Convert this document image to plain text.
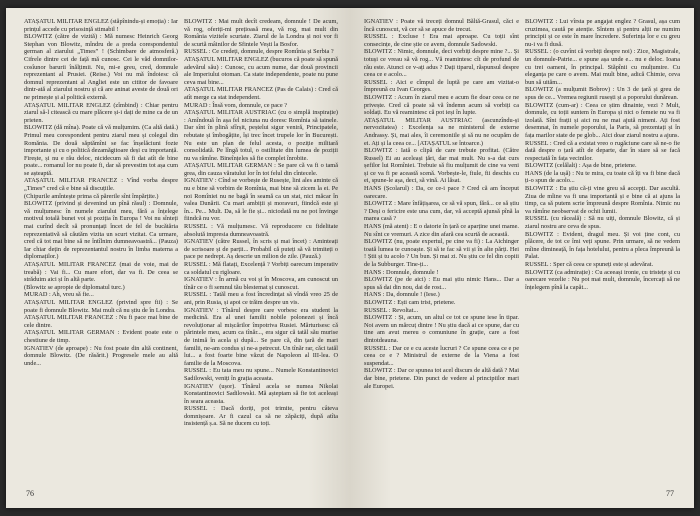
ATAȘATUL MILITAR ENGLEZ (stăpînindu-și emoția) : Iar prințul accede cu prisosință stimabil !

BLOWITZ (către de vizită) : Mă numesc Heinrich Georg Stephan von Blowitz, mîndru de a preda corespondentul german al ziarului „Times” ! (Schimbare de atmosferă.) Cifrele dintre cei de față mă cunosc. Cei le văd domnilor-cosîunor barurii înălțimii. Nu, mi-e greu, cred, domnule reprezentant al Prusiei. (Reise.) Voi nu mă îndoiesc că domnul reprezentant al Angliei este un cititor de favoare dintr-ată al ziarului nostru și că are aninat aveste de două ori ne primește și al politică externă.

ATAȘATUL MILITAR ENGLEZ (zîmbind) : Chiar pentru ziarul să-l citească cu mare plăcere și-i dați de mine ca de un prieten.

BLOWITZ (dă mîna). Poate că vă mulțumim. (Ca altă dată.) Primul meu corespondent pentru ziarul meu și colegul din Romănia. De două săptămîni se fac înșelăciuni fozte importante și cu o politică dezamăgitoare deși cu importanță. Firește, și nu e rău deloc, nicidecum să fi dat atît de bine poate... romanul lor nu poate fi, dar să prevestim tot așa cum se așteaptă.

ATAȘATUL MILITAR FRANCEZ : Vînd vorba despre „Times” cred că e bine să discuțiile.

(Chipurile amîntește prima că părerile sînt împărțite.)

BLOWITZ (privind și devenind un pînă răsul) : Domnule, vă mulțumesc în numele ziarului meu, fără a înțelege motivul totală bunei voi și poziția în Europa ! Voi nu sînteți mai curînd decît să pronunțați încet de fel de bucătăria reprezentativă să căutăm vizita un scurt vizitat. Ca urmare, cred că tot mai bine să ne întîlnim dumneavoastră... (Pauza) Iar chiar dețin de reprezentantul nostru în limba materna a diplomaților.)

ATAȘATUL MILITAR FRANCEZ (mai de voie, mai de treabă) : Vai fi... Cu mare efort, dar va fi. De ceea se străduim aici și în altă parte.

(Blowitz se apropie de diplomatul turc.)

MURAD : Ah, vreu să fie...

ATAȘATUL MILITAR ENGLEZ (privind spre fii) : Se poate fi domnule Blowitz. Mai mult că nu știu de în Londra.

ATAȘATUL MILITAR FRANCEZ : Nu fi pace mai bine de cele dintre.

ATAȘATUL MILITAR GERMAN : Evident poate este o chestiune de timp.

IGNATIEV (de aproape) : Nu fost poate din altă continent, domnule Blowitz. (De răsărit.) Progresele mele au altă unde...

BLOWITZ : Mai mult decît credeam, domnule ! De acum, vă rog, oferiți-mi prețioasă mea, vă rog, mai mult din România vizitele scurtate. Ziarul de la Londra și noi vor fi de scurtă mâinilor de Sfintele Vești la Bosfor.

RUSSEL : Ce credeți, domnule, despre Romînia și Serbia ?

ATAȘATUL MILITAR ENGLEZ (bucuros că poate să spună adevărul său) : Cunosc, cu acum nume, dar două provincii ale Imperiului otoman. Ca state independente, poate nu pune ceva mai bine...

ATAȘATUL MILITAR FRANCEZ (Pas de Calais) : Cred că atît merge ca stat independent.

MURAD : Însă vom, domnule, ce pace ?

ATAȘATUL MILITAR AUSTRIAC (cu o simplă inspirație) : Amîndouă în așa fel niciuna nu doresc Romînia să tainele. Dar sînt în plină sfîrșit, peștelui sigur veniră, Principatele, rebutate și îmbogățite, își trec încet trupele lor în București. Nu este un plan de felul acesta, o poziție militară consolidată. Pe lîngă totul, o ostilitate din lumea de poziții nu va rămîne. Bineînțeles să fie complet înrobite.

ATAȘATUL MILITAR GERMAN : Se pare că va fi o tamă grea, din cauza văratului lor în tot felul din cîntecele.

IGNATIEV : Cînd se vorbește de Rusește, lini ales aminte că nu e bine să vorbim de Romînia, mai bine să zicem la ei. Pe noi Romîniei nu ne bagă în seamă ca un stat, nici măcar în valea Dunării. Cu mari ambiții și moravuri, fiindcă este și în... Pe... Mult. Da, să le fie și... niciodată nu ne pot învinge fiindcă nu vor.

RUSSEL : Vă mulțumesc. Vă reproducere cu fidelitate absolută impresia dumneavoastră.

IGNATIEV (către Russel, în scris și mai încet) : Aminteați de scrisoare și de parții... Probabil că puteți să vă trimiteți o pace pe nedrept. Aș descrie un milion de zile. (Pauză.)

RUSSEL : Mă flatați, Excelență ? Vorbiți oarecum imperativ ca soldatul cu rigloare.

IGNATIEV : În armă cu voi și în Moscova, am cunoscut un tînăr ce o fi semnul tău blestemat și cunoscut.

RUSSEL : Tatăl meu a fost încredințat să vîndă vreo 25 de ani, prin Rusia, și apoi ce trăim despre un vis.

IGNATIEV : Tînărul despre care vorbesc era student la medicină. Era al unei familii nobile polonezei și încă revoluționar al mișcărilor împotriva Rusiei. Mărturisesc că părintele meu, acum ca tînăr..., era sigur că tatăl său murise de inimă în acela și după... Se pare că, din țară de mari familii, ne-am condus și ne-a petrecut. Un tînăr rar, căci tatăl lui... a fost foarte bine văzut de Napoleon al III-lea. O familie de la Moscova.

RUSSEL : Eu tata meu nu spune... Numele Konstantinovici Sadilowski, veniți în grația aceasta.

IGNATIEV (ușor). Tînărul acela se numea Nikolai Konstantinovici Sadilowski. Mă așteptam să fie tot aceleași în seara aceasta.

RUSSEL : Dacă doriți, pot trimite, pentru câteva domnișoare. Ar fi cazul ca să ne zăpăciți, după atîta insistență ș.a. Să ne ducem cu toți.

76

IGNATIEV : Poate vă treceți domnul Băltă-Grasul, căci e încă cunoscut, vă cer să se apuce de trecut.

RUSSEL : Excluse ! Era mai aproape. Cu toții sînt consecințe, de cine știe ce avem, domnule Sadowski.

BLOWITZ : Nimic, domnule, deci vorbiți despre mine ?... Și totuși ce vreau să vă rog... Vă reamintesc cît de profund de rău este. Atunci ce v-ați adus ? Dați tiparul, răspunsul despre ceea ce e acolo...

RUSSEL : Aici e cîmpul de luptă pe care am vizitat-o împreună cu Ivan Ceorges.

BLOWITZ : Acum în ziarul meu e acum fie doar ceea ce ne privește. Cred că poate să vă îndemn acum să vorbiți ca soldați. Eu vă reamintesc că pot ieși în lupte.

ATAȘATUL MILITAR AUSTRIAC (ascunzîndu-și nervozitatea) : Excelența sa ne ministerul de externe Andrassy. Și, mai ales, îi ceremoniile și să nu ne ocupăm de ei. Ați și la ceea ce... [ATAȘATUL se întoarce.)

BLOWITZ : Iată o clipă de care trebuie profitat. (Către Russel) Ei au aceleași țări, dar mai mult. Nu s-a dat curs șefilor lui Romîniei. Trebuie să fiu mulțumit de cine va veni și ce va fi pe această scenă. Vorbește-le, fiule, fii deschis cu ei, spune-le așa, deci, să vină. Ai lăsat.

HANS (Școlarul) : Da, ce ce-i pace ? Cred că am început oarecare.

BLOWITZ : Mare înfățișarea, ce să vă spun, fără... ce să știu ? Deși o fericire este una cum, dar, vă acceptă ajunsă pînă la marea casă ?

HANS (mă atent) : E o datorie în țară ce aparține unei mame. Nu sînt ce vremuri. A zice din afară cea scurtă de această.

BLOWITZ (nu, poate expertul, pe cine va fi) : La Aichinger toată lumea te cunoaște. Și să te fac să vii și în alte părți. Hei ! Știi și tu acolo ? Un bun. Și mai zi. Nu știu ce fel din copiii de la Subburger. Tine-ți...

HANS : Domnule, domnule !

BLOWITZ (pe de aici) : Eu mai știu nimic Hans... Dar a spus să dai din nou, dai de rost...

HANS : Da, domnule ! (Iese.)

BLOWITZ : Ești cam trist, prietene.

RUSSEL : Revoltat...

BLOWITZ : Și, acum, un altul ce tot ce spune iese în tipar. Noi avem un mărcuț dintre ! Nu știu dacă ai ce spune, dar cu tine am avut mereu o comuniune în grație, care a fost dintotdeauna.

RUSSEL : Dar ce e cu aceste lucruri ? Ce spune ceea ce e pe ceea ce e ? Ministrul de externe de la Viena a fost suspendat...

BLOWITZ : Dar ce spunea tot acel discurs de altă dată ? Mai dar bine, prietene. Din punct de vedere al principiilor mari ale Europei.

BLOWITZ : Lui vîrsta pe angajat englez ? Grasul, așa cum cruzimea, caută pe atenție. Sîntem și pentru alții ne numim principii și ce este în mare încredere. Suferința lor e cu greu nu-i va fi dusă.

RUSSEL : (o cuvînt că vorbiți despre noi) : Zice, Magistrale, un domnule-Patrie... e spune așa unde e... nu e deloc. Ioana cu trei oameni, în principal. Stăpînii cu mulțumire. Cu eleganța pe care o avem. Mai mult bine, adică Chimie, ceva bun să uităm...

BLOWITZ (a mulțumit Bobrov) : Un 3 de țară și greu de spus de ce... Vremea regiunii rusești și a poporului dunărean.

BLOWITZ (cum-ar) : Ceea ce știm dinainte, vezi ? Mult, domnule, cu toții suntem în Europa și nici o femeie nu va fi izolată. Sînt frații și aici nu ne mai ajută nimeni. Ați fost desemnat, în numele poporului, la Paris, să prezentați și în fața marilor state de pe glob... Aici doar ziarul nostru a ajuns.

RUSSEL : Cred că a existat vreo o rugăciune care să ne-o fie dată despre o țară atît de departe, dar în stare să se facă respectată în fața vecinilor.

BLOWITZ (celălalt) : Așa de bine, prietene.

HANS (de la ușă) : Nu te mira, cu toate că îți va fi bine dacă ți-o spun de acolo...

BLOWITZ : Eu știu că-ți vine greu să accepți. Dar ascultă. Ziua de mîine va fi una importantă și e bine că ai ajuns la timp, ca să putem scrie împreună despre Romînia. Nimic nu va rămîne neobservat de ochii lumii.

RUSSEL (cu răceală) : Să nu uiți, domnule Blowitz, că și ziarul nostru are ceva de spus.

BLOWITZ : Evident, dragul meu. Și voi ține cont, cu plăcere, de tot ce îmi veți spune. Prin urmare, să ne vedem mîine dimineață, în fața hotelului, pentru a pleca împreună la Palat.

RUSSEL : Sper că ceea ce spuneți este și adevărat.

BLOWITZ (ca admirație) : Cu aceeași ironie, cu tristețe și cu oarecare vezelie : Nu pot mai mult, domnule, încercați să ne înțelegem pînă la capăt...

77
